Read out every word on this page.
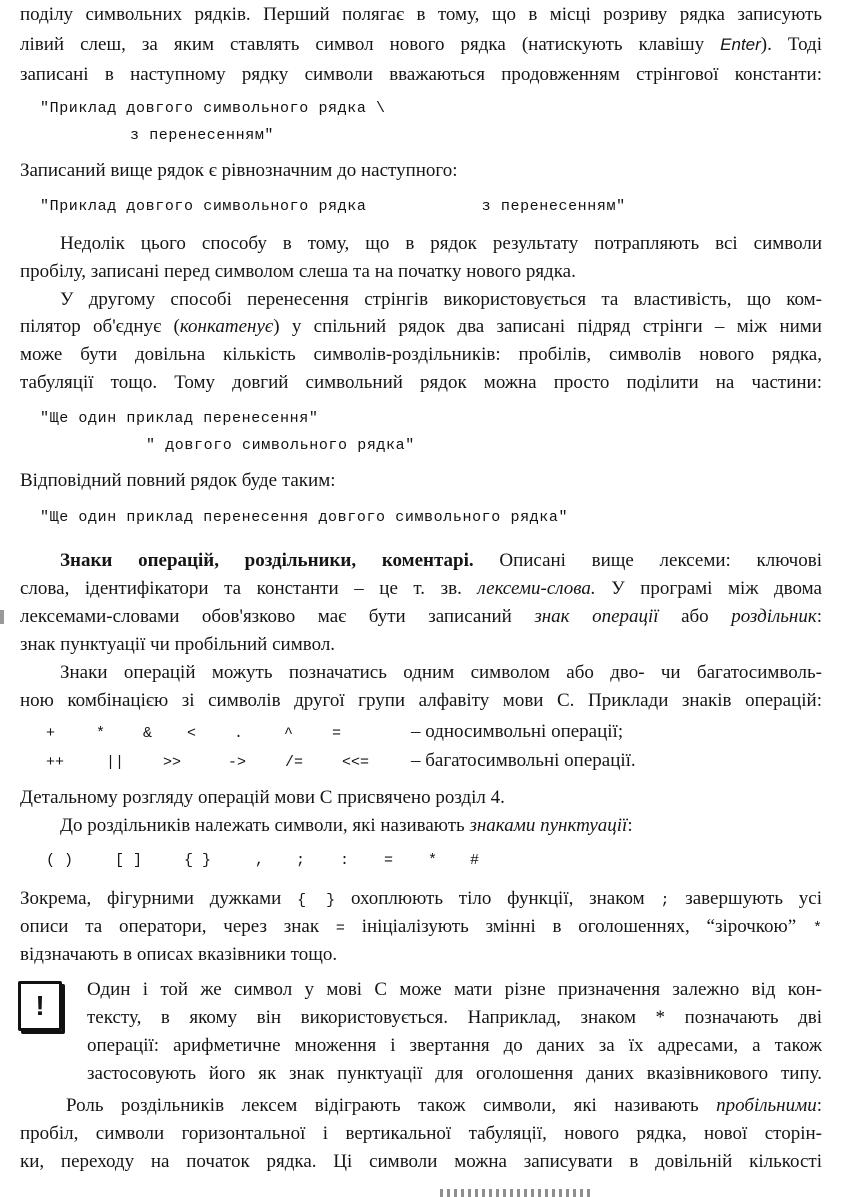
поділу символьних рядків. Перший полягає в тому, що в місці розриву рядка записують
лівий слеш, за яким ставлять символ нового рядка (натискують клавішу Enter). Тоді
записані в наступному рядку символи вважаються продовженням стрінгової константи:
"Приклад довгого символьного рядка \
з перенесенням"
Записаний вище рядок є рівнозначним до наступного:
"Приклад довгого символьного рядка            з перенесенням"
Недолік цього способу в тому, що в рядок результату потрапляють всі символи
пробілу, записані перед символом слеша та на початку нового рядка.
У другому способі перенесення стрінгів використовується та властивість, що ком-
пілятор об'єднує (конкатенує) у спільний рядок два записані підряд стрінги – між ними
може бути довільна кількість символів-роздільників: пробілів, символів нового рядка,
табуляції тощо. Тому довгий символьний рядок можна просто поділити на частини:
"Ще один приклад перенесення"
" довгого символьного рядка"
Відповідний повний рядок буде таким:
"Ще один приклад перенесення довгого символьного рядка"
Знаки операцій, роздільники, коментарі. Описані вище лексеми: ключові
слова, ідентифікатори та константи – це т. зв. лексеми-слова. У програмі між двома
лексемами-словами обов'язково має бути записаний знак операції або роздільник:
знак пунктуації чи пробільний символ.
Знаки операцій можуть позначатись одним символом або дво- чи багатосимволь-
ною комбінацією зі символів другої групи алфавіту мови С. Приклади знаків операцій:
+	*	& <	.	^	=	– односимвольні операції;
++	||	>>	->	/=	<<= – багатосимвольні операції.
Детальному розгляду операцій мови С присвячено розділ 4.
До роздільників належать символи, які називають знаками пунктуації:
( )	[ ]	{ }	, ; : = * #
Зокрема, фігурними дужками { } охоплюють тіло функції, знаком ; завершують усі
описи та оператори, через знак = ініціалізують змінні в оголошеннях, “зірочкою” *
відзначають в описах вказівники тощо.
!
Один і той же символ у мові С може мати різне призначення залежно від кон-
тексту, в якому він використовується. Наприклад, знаком * позначають дві
операції: арифметичне множення і звертання до даних за їх адресами, а також
застосовують його як знак пунктуації для оголошення даних вказівникового типу.
Роль роздільників лексем відіграють також символи, які називають пробільними:
пробіл, символи горизонтальної і вертикальної табуляції, нового рядка, нової сторін-
ки, переходу на початок рядка. Ці символи можна записувати в довільній кількості
